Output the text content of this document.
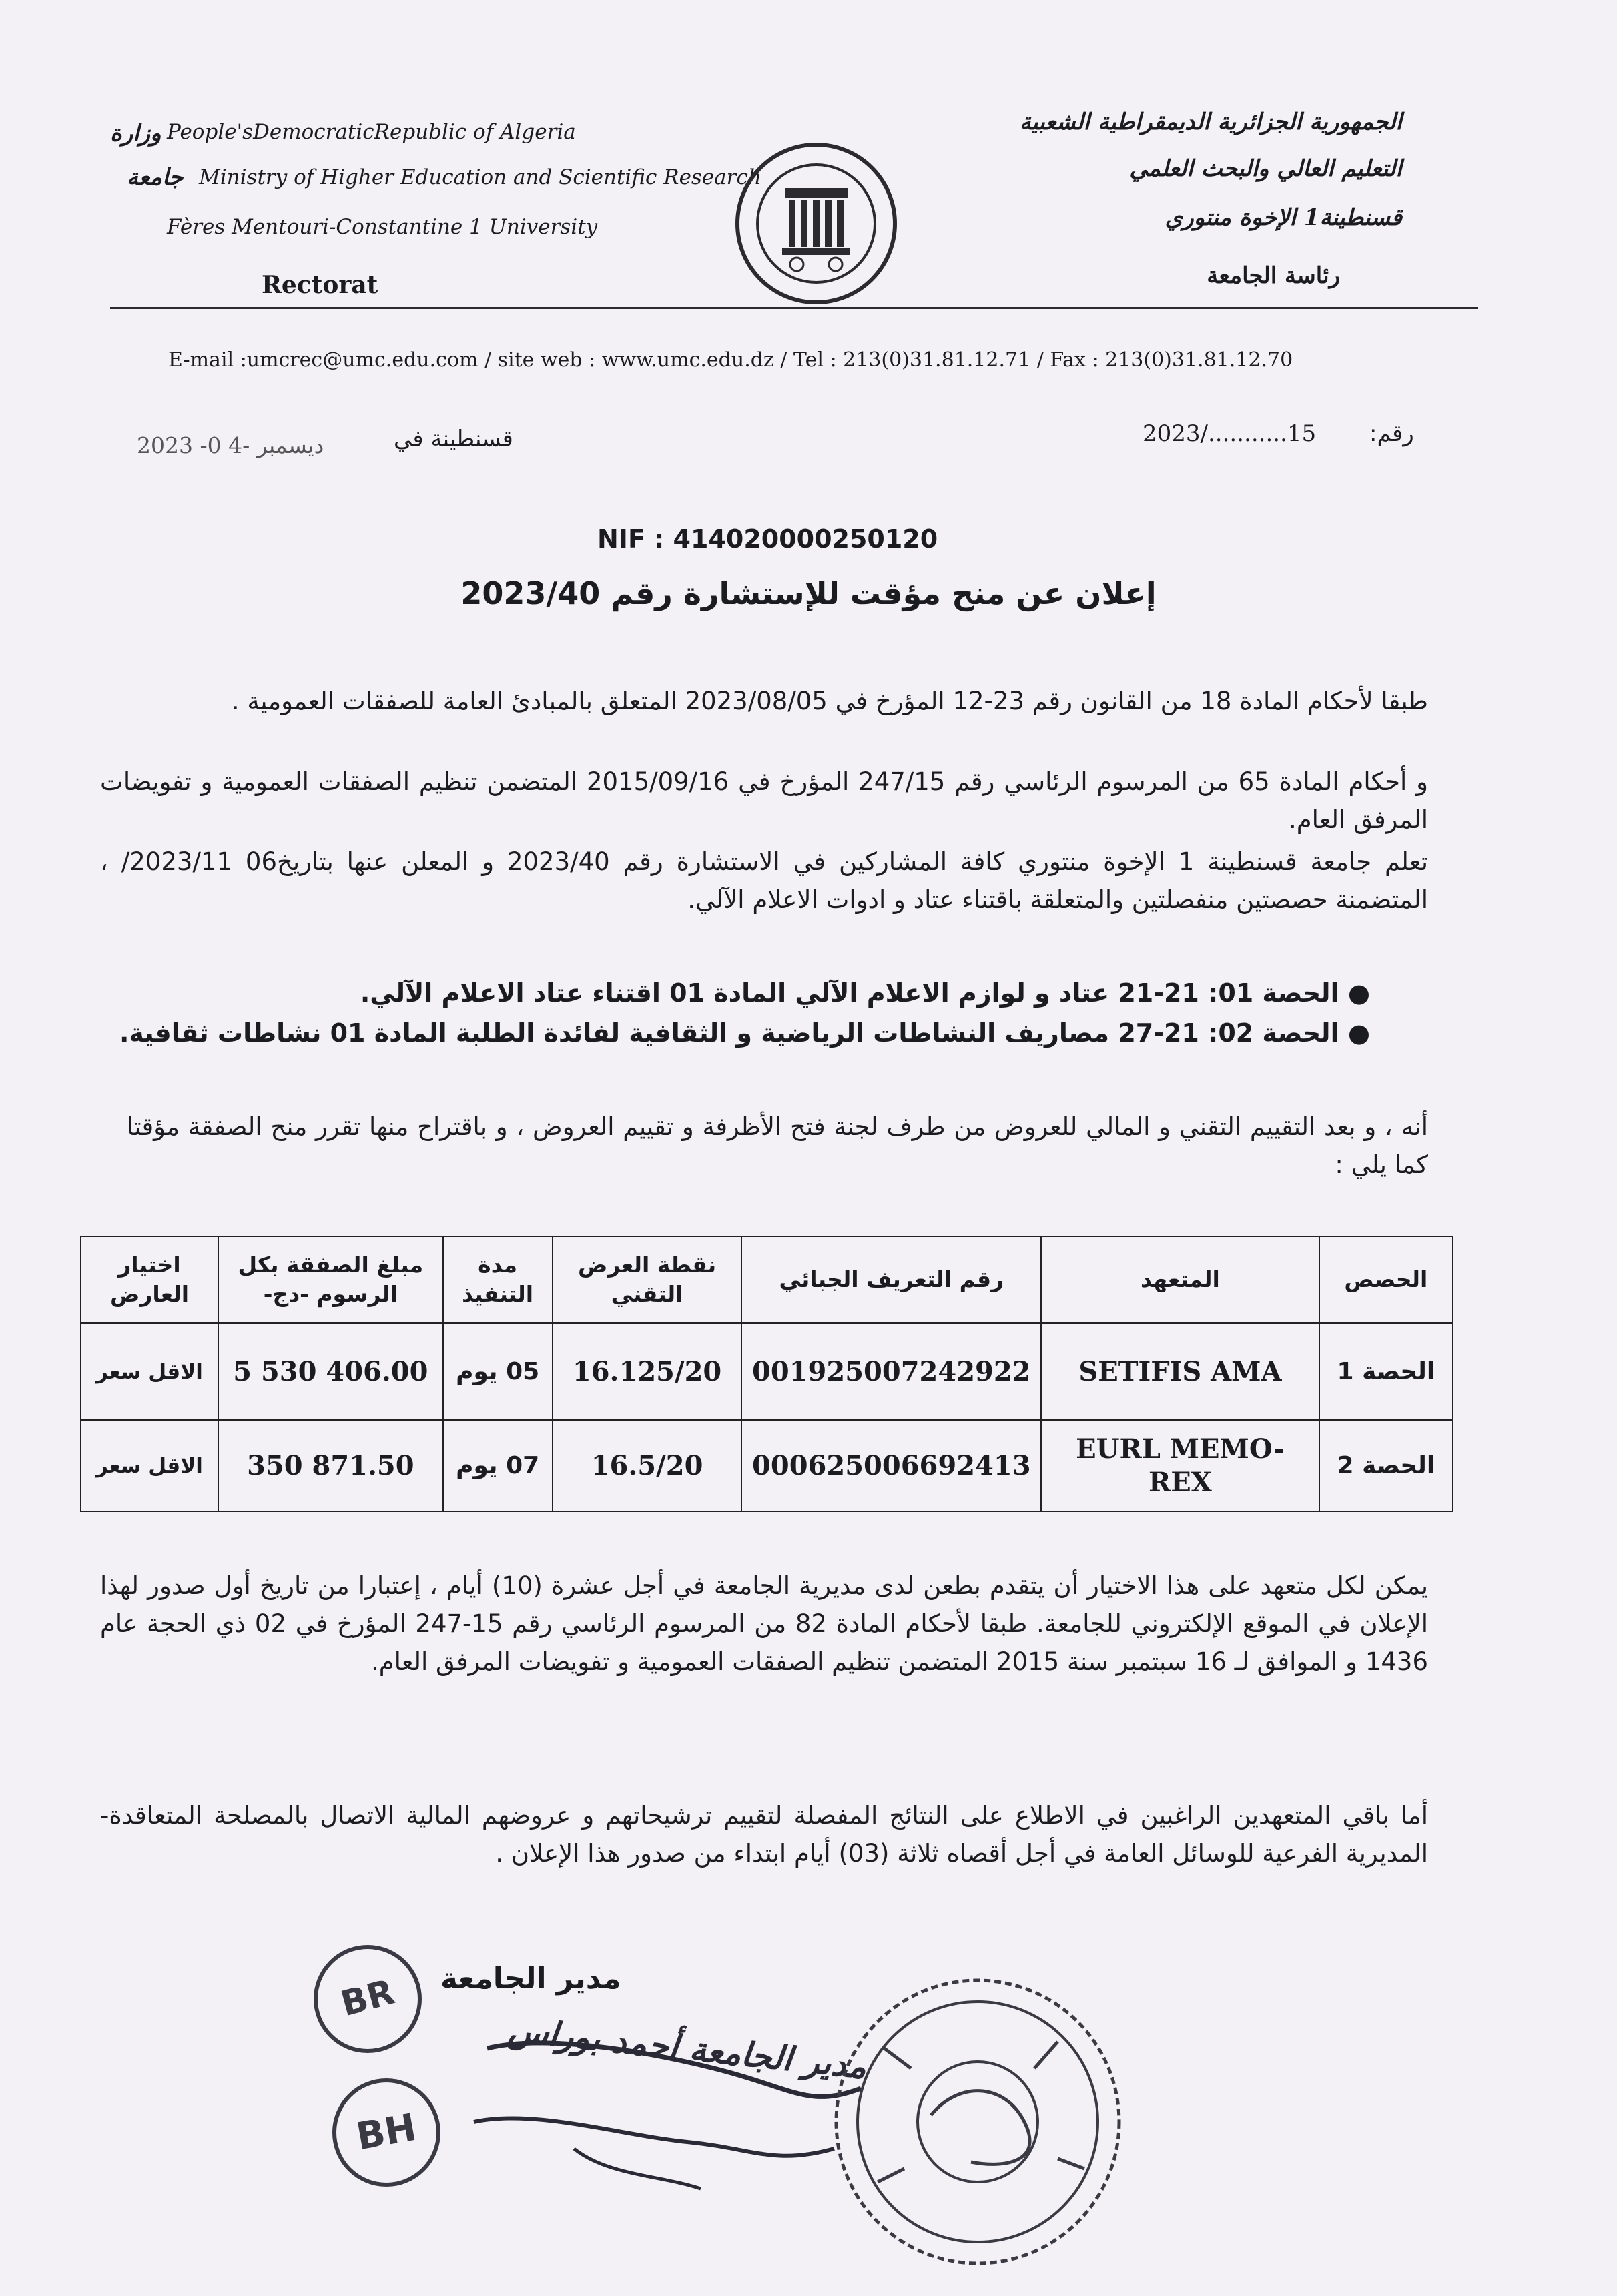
People'sDemocraticRepublic of Algeria
وزارة
Ministry of Higher Education and Scientific Research
جامعة
Fères Mentouri-Constantine 1 University
Rectorat
الجمهورية الجزائرية الديمقراطية الشعبية
التعليم العالي والبحث العلمي
قسنطينة1 الإخوة منتوري
رئاسة الجامعة
E-mail :umcrec@umc.edu.com / site web : www.umc.edu.dz / Tel : 213(0)31.81.12.71 / Fax : 213(0)31.81.12.70
2023 -0 4- ديسمبر	قسنطينة في	2023/...........15 رقم:
NIF : 414020000250120
إعلان عن منح مؤقت للإستشارة رقم 2023/40
طبقا لأحكام المادة 18 من القانون رقم 23-12 المؤرخ في 2023/08/05 المتعلق بالمبادئ العامة للصفقات العمومية .
و أحكام المادة 65 من المرسوم الرئاسي رقم 247/15 المؤرخ في 2015/09/16 المتضمن تنظيم الصفقات العمومية و تفويضات المرفق العام.
تعلم جامعة قسنطينة 1 الإخوة منتوري كافة المشاركين في الاستشارة رقم 2023/40 و المعلن عنها بتاريخ06 2023/11/ ، المتضمنة حصصتين منفصلتين والمتعلقة باقتناء عتاد و ادوات الاعلام الآلي.
● الحصة 01: 21-21 عتاد و لوازم الاعلام الآلي المادة 01 اقتناء عتاد الاعلام الآلي.
● الحصة 02: 21-27 مصاريف النشاطات الرياضية و الثقافية لفائدة الطلبة المادة 01 نشاطات ثقافية.
أنه ، و بعد التقييم التقني و المالي للعروض من طرف لجنة فتح الأظرفة و تقييم العروض ، و باقتراح منها تقرر منح الصفقة مؤقتا كما يلي :
الحصص	المتعهد	رقم التعريف الجبائي	نقطة العرض التقني	مدة التنفيذ	مبلغ الصفقة بكل الرسوم -دج-	اختيار العارض
الحصة 1	SETIFIS AMA	001925007242922	16.125/20	05 يوم	5 530 406.00	الاقل سعر
الحصة 2	EURL MEMO-REX	000625006692413	16.5/20	07 يوم	350 871.50	الاقل سعر
يمكن لكل متعهد على هذا الاختيار أن يتقدم بطعن لدى مديرية الجامعة في أجل عشرة (10) أيام ، إعتبارا من تاريخ أول صدور لهذا الإعلان في الموقع الإلكتروني للجامعة. طبقا لأحكام المادة 82 من المرسوم الرئاسي رقم 15-247 المؤرخ في 02 ذي الحجة عام 1436 و الموافق لـ 16 سبتمبر سنة 2015 المتضمن تنظيم الصفقات العمومية و تفويضات المرفق العام.
أما باقي المتعهدين الراغبين في الاطلاع على النتائج المفصلة لتقييم ترشيحاتهم و عروضهم المالية الاتصال بالمصلحة المتعاقدة-المديرية الفرعية للوسائل العامة في أجل أقصاه ثلاثة (03) أيام ابتداء من صدور هذا الإعلان .
مدير الجامعة
BR
BH
مدير الجامعة أحمد بوراس
